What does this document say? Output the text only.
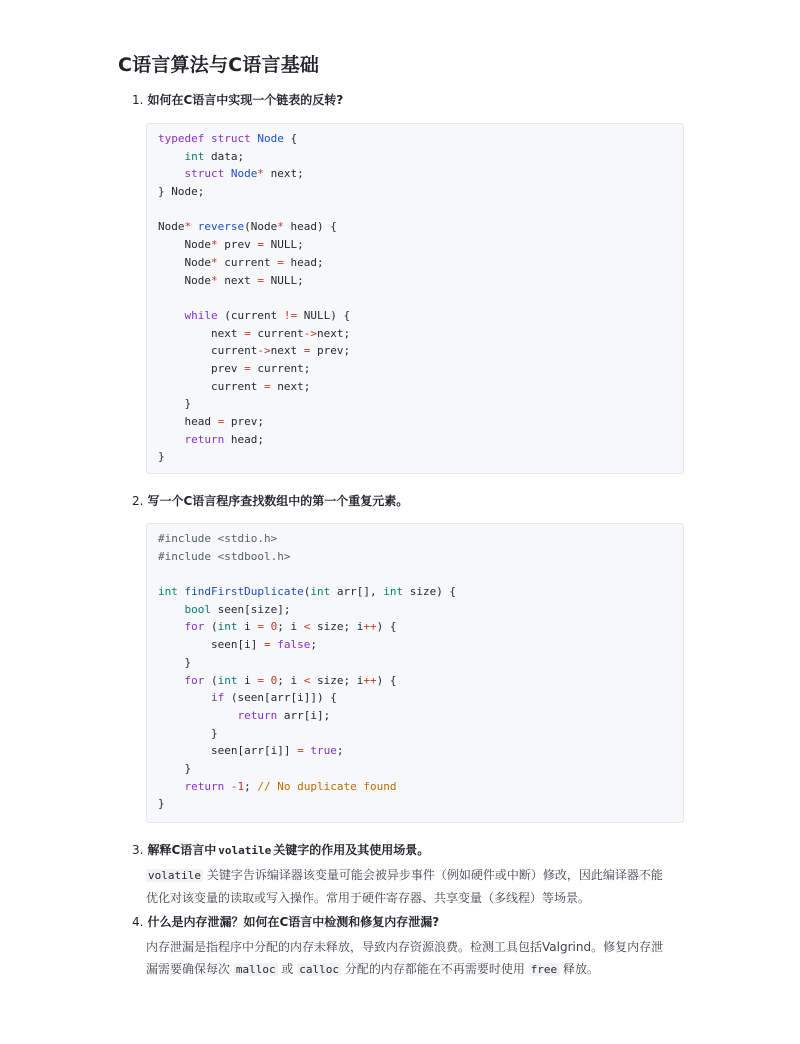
C语言算法与C语言基础
1. 如何在C语言中实现一个链表的反转?
typedef struct Node {
int data;
struct Node* next;
} Node;

Node* reverse(Node* head) {
Node* prev = NULL;
Node* current = head;
Node* next = NULL;

while (current != NULL) {
next = current->next;
current->next = prev;
prev = current;
current = next;
}
head = prev;
return head;
}
2. 写一个C语言程序查找数组中的第一个重复元素。
#include <stdio.h>
#include <stdbool.h>

int findFirstDuplicate(int arr[], int size) {
bool seen[size];
for (int i = 0; i < size; i++) {
seen[i] = false;
}
for (int i = 0; i < size; i++) {
if (seen[arr[i]]) {
return arr[i];
}
seen[arr[i]] = true;
}
return -1; // No duplicate found
}
3. 解释C语言中 volatile 关键字的作用及其使用场景。

volatile 关键字告诉编译器该变量可能会被异步事件（例如硬件或中断）修改，因此编译器不能

优化对该变量的读取或写入操作。常用于硬件寄存器、共享变量（多线程）等场景。

4. 什么是内存泄漏？如何在C语言中检测和修复内存泄漏?

内存泄漏是指程序中分配的内存未释放，导致内存资源浪费。检测工具包括Valgrind。修复内存泄

漏需要确保每次 malloc 或 calloc 分配的内存都能在不再需要时使用 free 释放。
